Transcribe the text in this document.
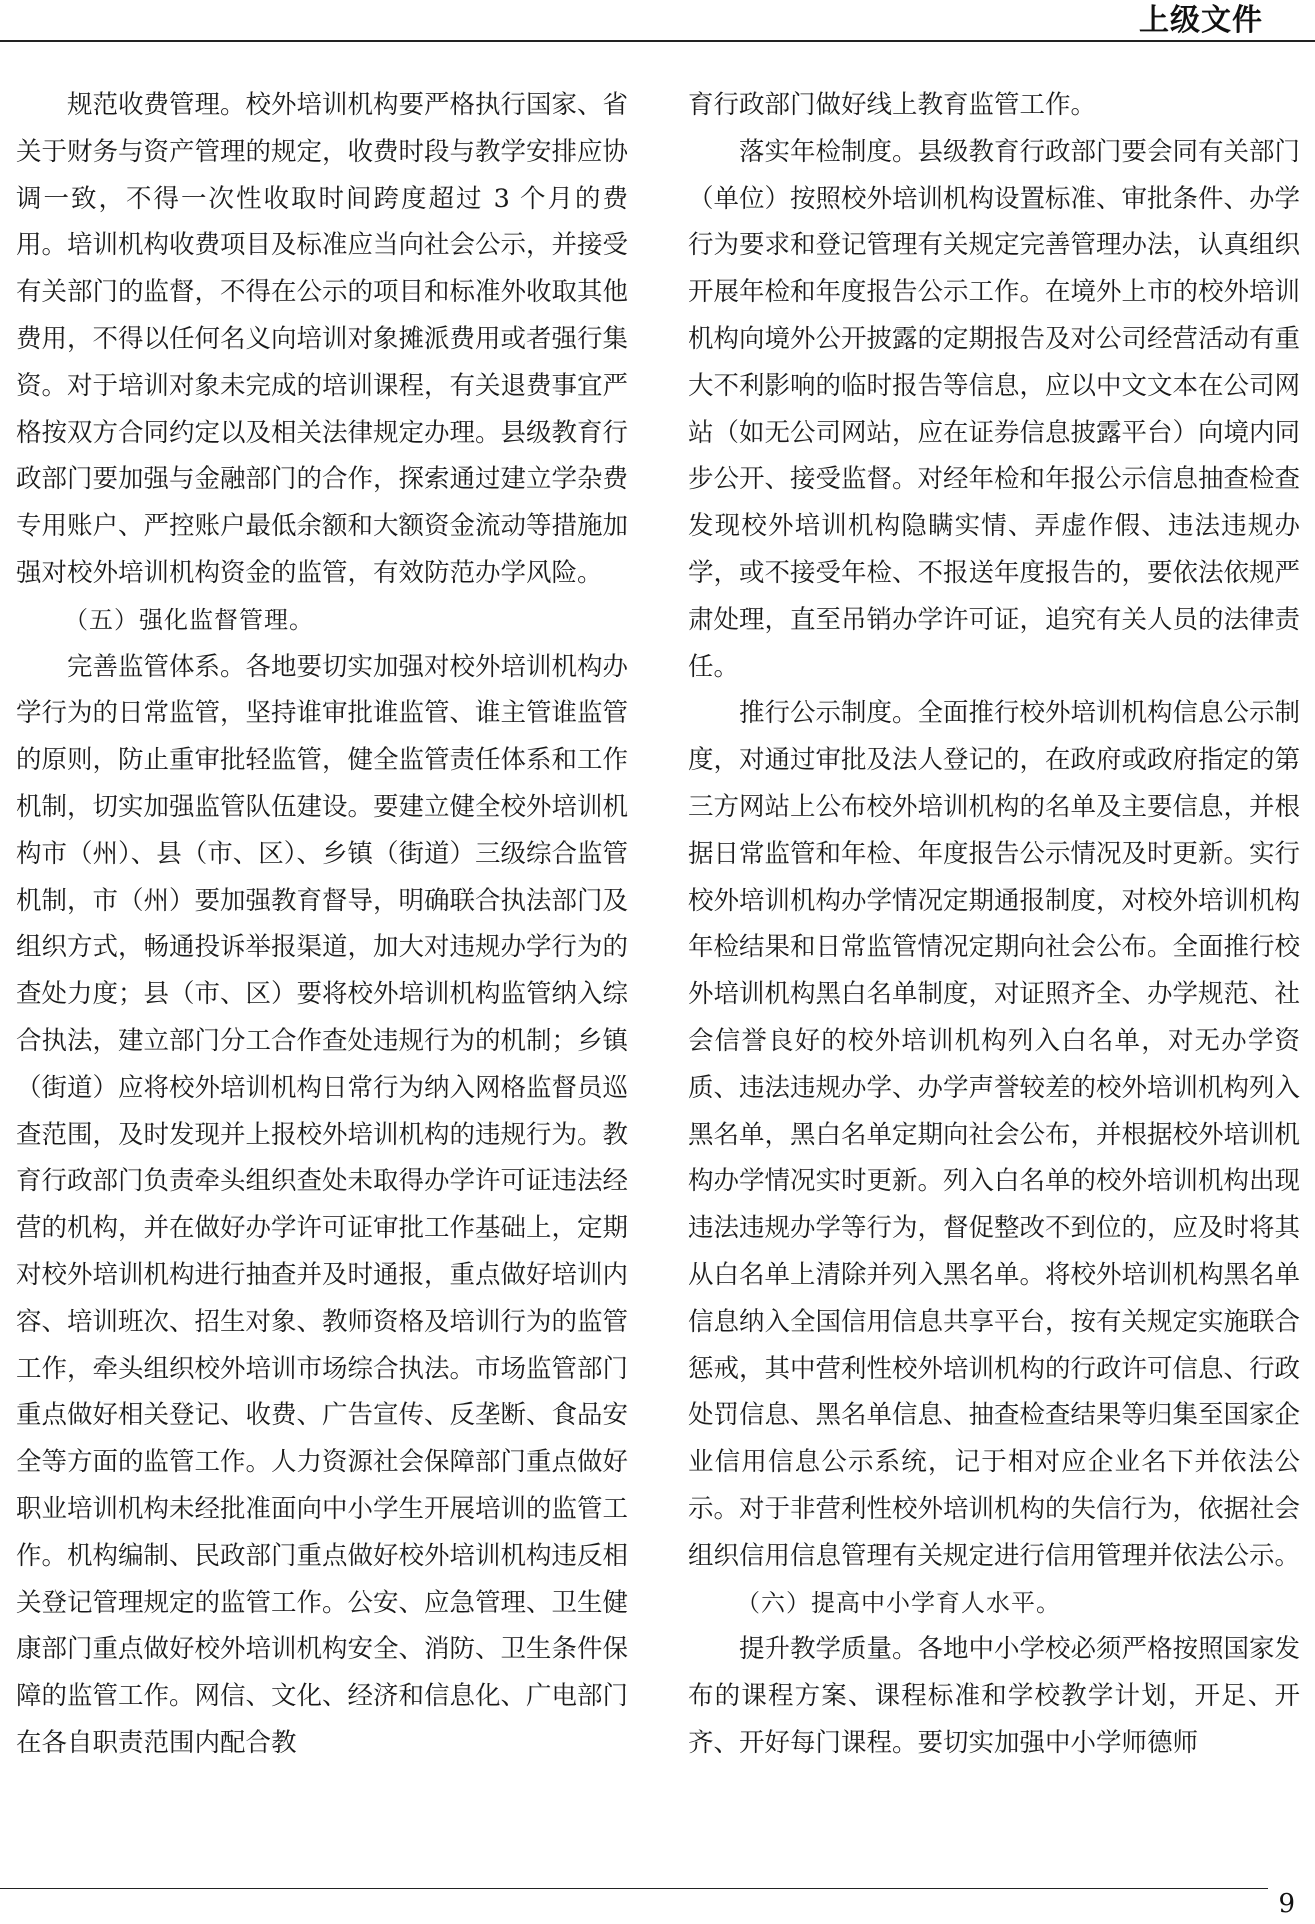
上级文件

规范收费管理。校外培训机构要严格执行国家、省关于财务与资产管理的规定，收费时段与教学安排应协调一致，不得一次性收取时间跨度超过 3 个月的费用。培训机构收费项目及标准应当向社会公示，并接受有关部门的监督，不得在公示的项目和标准外收取其他费用，不得以任何名义向培训对象摊派费用或者强行集资。对于培训对象未完成的培训课程，有关退费事宜严格按双方合同约定以及相关法律规定办理。县级教育行政部门要加强与金融部门的合作，探索通过建立学杂费专用账户、严控账户最低余额和大额资金流动等措施加强对校外培训机构资金的监管，有效防范办学风险。

（五）强化监督管理。

完善监管体系。各地要切实加强对校外培训机构办学行为的日常监管，坚持谁审批谁监管、谁主管谁监管的原则，防止重审批轻监管，健全监管责任体系和工作机制，切实加强监管队伍建设。要建立健全校外培训机构市（州）、县（市、区）、乡镇（街道）三级综合监管机制，市（州）要加强教育督导，明确联合执法部门及组织方式，畅通投诉举报渠道，加大对违规办学行为的查处力度；县（市、区）要将校外培训机构监管纳入综合执法，建立部门分工合作查处违规行为的机制；乡镇（街道）应将校外培训机构日常行为纳入网格监督员巡查范围，及时发现并上报校外培训机构的违规行为。教育行政部门负责牵头组织查处未取得办学许可证违法经营的机构，并在做好办学许可证审批工作基础上，定期对校外培训机构进行抽查并及时通报，重点做好培训内容、培训班次、招生对象、教师资格及培训行为的监管工作，牵头组织校外培训市场综合执法。市场监管部门重点做好相关登记、收费、广告宣传、反垄断、食品安全等方面的监管工作。人力资源社会保障部门重点做好职业培训机构未经批准面向中小学生开展培训的监管工作。机构编制、民政部门重点做好校外培训机构违反相关登记管理规定的监管工作。公安、应急管理、卫生健康部门重点做好校外培训机构安全、消防、卫生条件保障的监管工作。网信、文化、经济和信息化、广电部门在各自职责范围内配合教

育行政部门做好线上教育监管工作。

落实年检制度。县级教育行政部门要会同有关部门（单位）按照校外培训机构设置标准、审批条件、办学行为要求和登记管理有关规定完善管理办法，认真组织开展年检和年度报告公示工作。在境外上市的校外培训机构向境外公开披露的定期报告及对公司经营活动有重大不利影响的临时报告等信息，应以中文文本在公司网站（如无公司网站，应在证券信息披露平台）向境内同步公开、接受监督。对经年检和年报公示信息抽查检查发现校外培训机构隐瞒实情、弄虚作假、违法违规办学，或不接受年检、不报送年度报告的，要依法依规严肃处理，直至吊销办学许可证，追究有关人员的法律责任。

推行公示制度。全面推行校外培训机构信息公示制度，对通过审批及法人登记的，在政府或政府指定的第三方网站上公布校外培训机构的名单及主要信息，并根据日常监管和年检、年度报告公示情况及时更新。实行校外培训机构办学情况定期通报制度，对校外培训机构年检结果和日常监管情况定期向社会公布。全面推行校外培训机构黑白名单制度，对证照齐全、办学规范、社会信誉良好的校外培训机构列入白名单，对无办学资质、违法违规办学、办学声誉较差的校外培训机构列入黑名单，黑白名单定期向社会公布，并根据校外培训机构办学情况实时更新。列入白名单的校外培训机构出现违法违规办学等行为，督促整改不到位的，应及时将其从白名单上清除并列入黑名单。将校外培训机构黑名单信息纳入全国信用信息共享平台，按有关规定实施联合惩戒，其中营利性校外培训机构的行政许可信息、行政处罚信息、黑名单信息、抽查检查结果等归集至国家企业信用信息公示系统，记于相对应企业名下并依法公示。对于非营利性校外培训机构的失信行为，依据社会组织信用信息管理有关规定进行信用管理并依法公示。

（六）提高中小学育人水平。

提升教学质量。各地中小学校必须严格按照国家发布的课程方案、课程标准和学校教学计划，开足、开齐、开好每门课程。要切实加强中小学师德师

9
